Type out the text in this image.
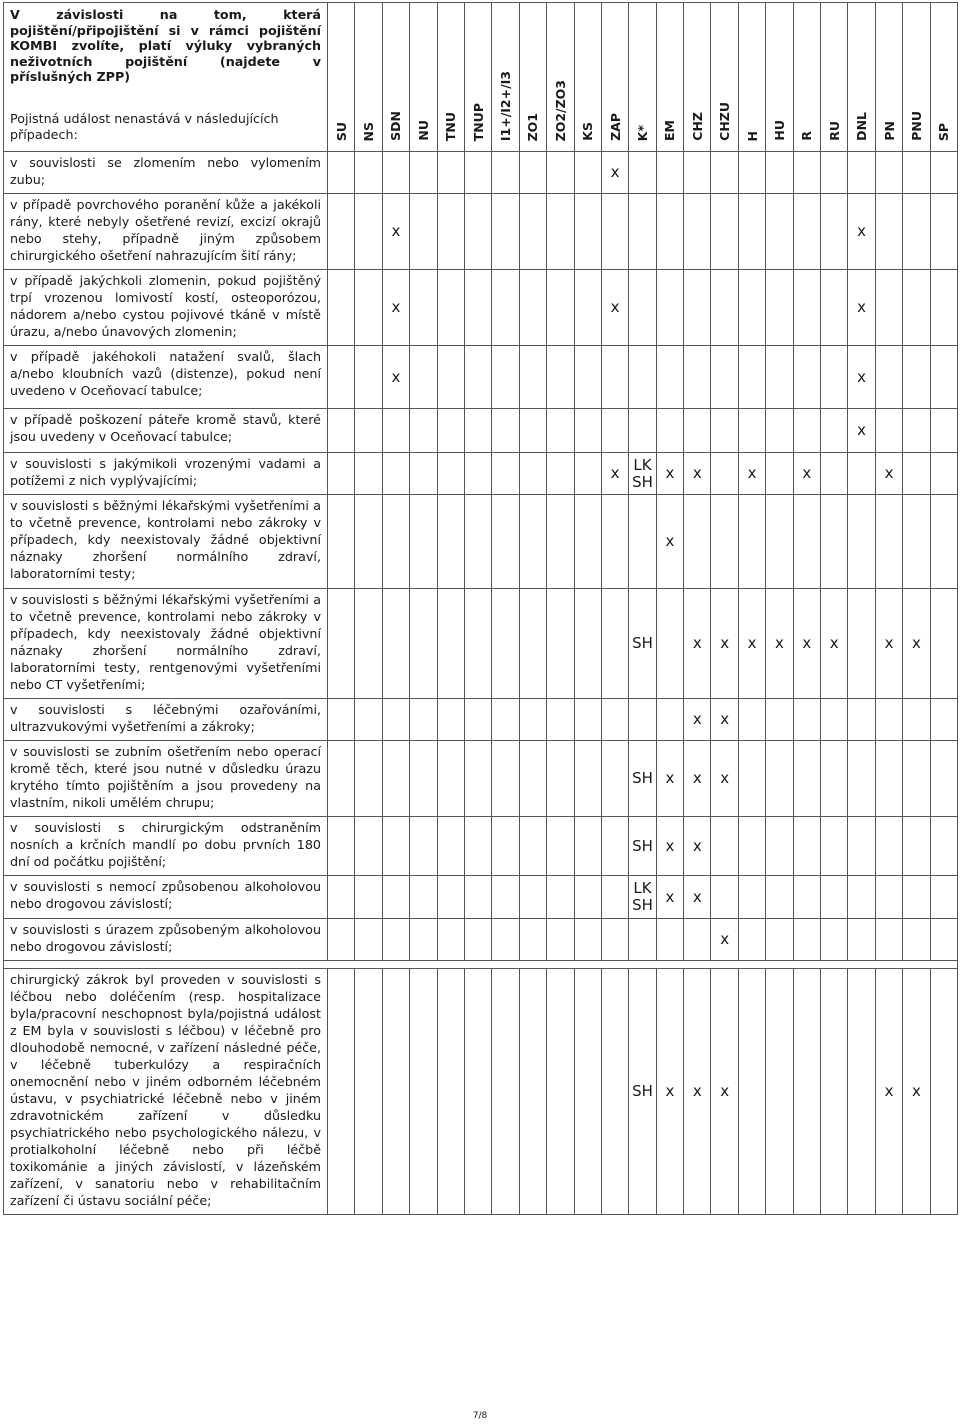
V závislosti na tom, která pojištění/připojištění si v rámci pojištění KOMBI zvolíte, platí výluky vybraných neživotních pojištění (najdete v příslušných ZPP)

Pojistná událost nenastává v následujících případech:	SU	NS	SDN	NU	TNU	TNUP	I1+/I2+/I3	ZO1	ZO2/ZO3	KS	ZAP	K*	EM	CHZ	CHZU	H	HU	R	RU	DNL	PN	PNU	SP
v souvislosti se zlomením nebo vylomením zubu;											x												
v případě povrchového poranění kůže a jakékoli rány, které nebyly ošetřené revizí, excizí okrajů nebo stehy, případně jiným způsobem chirurgického ošetření nahrazujícím šití rány;			x																	x			
v případě jakýchkoli zlomenin, pokud pojištěný trpí vrozenou lomivostí kostí, osteoporózou, nádorem a/nebo cystou pojivové tkáně v místě úrazu, a/nebo únavových zlomenin;			x								x									x			
v případě jakéhokoli natažení svalů, šlach a/nebo kloubních vazů (distenze), pokud není uvedeno v Oceňovací tabulce;			x																	x			
v případě poškození páteře kromě stavů, které jsou uvedeny v Oceňovací tabulce;																				x			
v souvislosti s jakýmikoli vrozenými vadami a potížemi z nich vyplývajícími;											x	LK
SH	x	x		x		x			x		
v souvislosti s běžnými lékařskými vyšetřeními a to včetně prevence, kontrolami nebo zákroky v případech, kdy neexistovaly žádné objektivní náznaky zhoršení normálního zdraví, laboratorními testy;													x										
v souvislosti s běžnými lékařskými vyšetřeními a to včetně prevence, kontrolami nebo zákroky v případech, kdy neexistovaly žádné objektivní náznaky zhoršení normálního zdraví, laboratorními testy, rentgenovými vyšetřeními nebo CT vyšetřeními;												SH		x	x	x	x	x	x		x	x	
v souvislosti s léčebnými ozařováními, ultrazvukovými vyšetřeními a zákroky;														x	x								
v souvislosti se zubním ošetřením nebo operací kromě těch, které jsou nutné v důsledku úrazu krytého tímto pojištěním a jsou provedeny na vlastním, nikoli umělém chrupu;												SH	x	x	x								
v souvislosti s chirurgickým odstraněním nosních a krčních mandlí po dobu prvních 180 dní od počátku pojištění;												SH	x	x									
v souvislosti s nemocí způsobenou alkoholovou nebo drogovou závislostí;												LK
SH	x	x									
v souvislosti s úrazem způsobeným alkoholovou nebo drogovou závislostí;															x								

chirurgický zákrok byl proveden v souvislosti s léčbou nebo doléčením (resp. hospitalizace byla/pracovní neschopnost byla/pojistná událost z EM byla v souvislosti s léčbou) v léčebně pro dlouhodobě nemocné, v zařízení následné péče, v léčebně tuberkulózy a respiračních onemocnění nebo v jiném odborném léčebném ústavu, v psychiatrické léčebně nebo v jiném zdravotnickém zařízení v důsledku psychiatrického nebo psychologického nálezu, v protialkoholní léčebně nebo při léčbě toxikománie a jiných závislostí, v lázeňském zařízení, v sanatoriu nebo v rehabilitačním zařízení či ústavu sociální péče;												SH	x	x	x						x	x	
7/8
